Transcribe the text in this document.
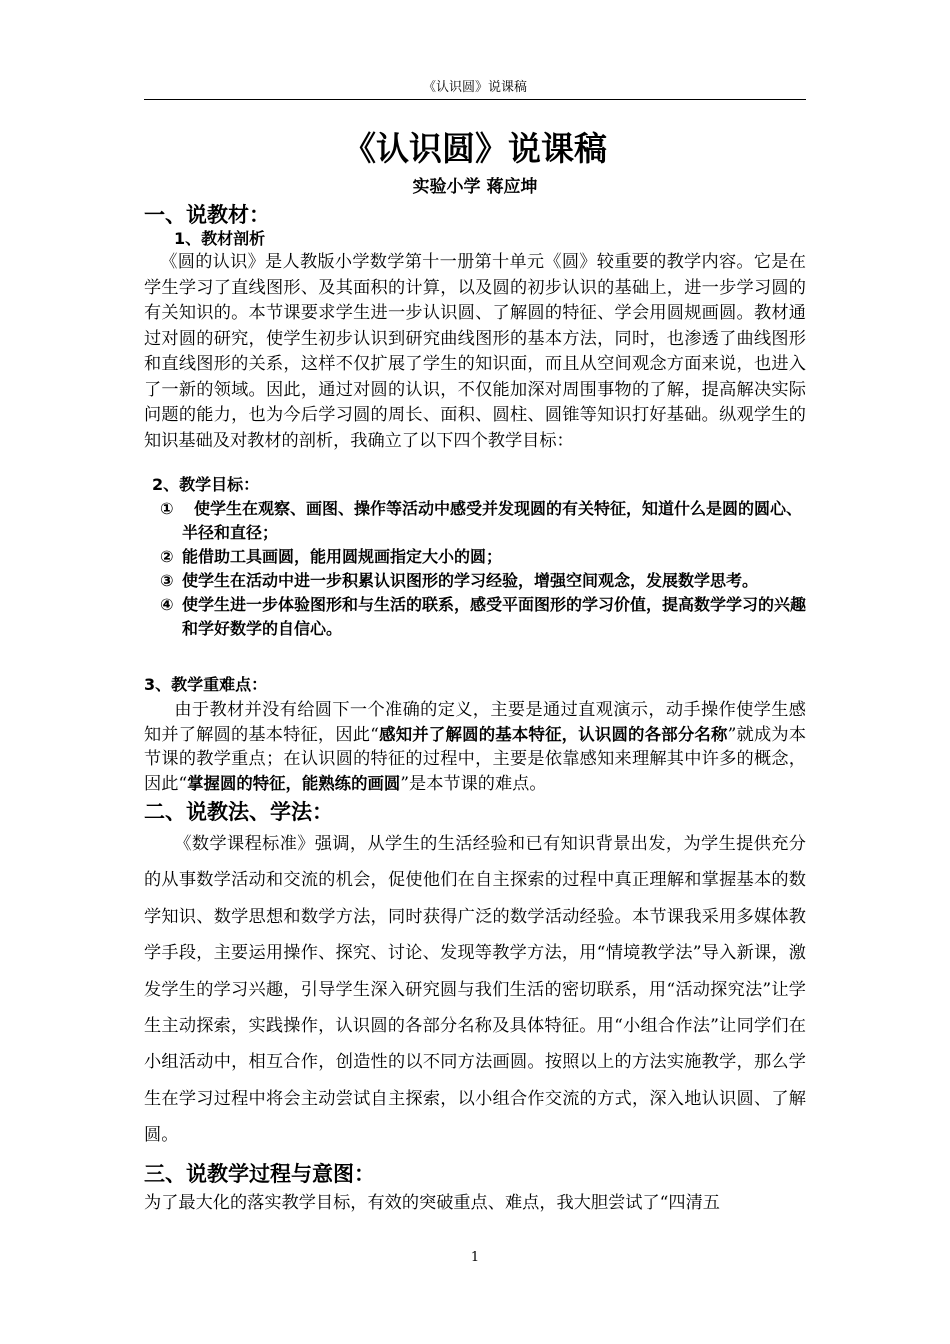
《认识圆》说课稿
《认识圆》说课稿
实验小学 蒋应坤
一、说教材：
1、教材剖析

《圆的认识》是人教版小学数学第十一册第十单元《圆》较重要的教学内容。它是在学生学习了直线图形、及其面积的计算，以及圆的初步认识的基础上，进一步学习圆的有关知识的。本节课要求学生进一步认识圆、了解圆的特征、学会用圆规画圆。教材通过对圆的研究，使学生初步认识到研究曲线图形的基本方法，同时，也渗透了曲线图形和直线图形的关系，这样不仅扩展了学生的知识面，而且从空间观念方面来说，也进入了一新的领域。因此，通过对圆的认识，不仅能加深对周围事物的了解，提高解决实际问题的能力，也为今后学习圆的周长、面积、圆柱、圆锥等知识打好基础。纵观学生的知识基础及对教材的剖析，我确立了以下四个教学目标：

2、教学目标：
① 使学生在观察、画图、操作等活动中感受并发现圆的有关特征，知道什么是圆的圆心、半径和直径；
② 能借助工具画圆，能用圆规画指定大小的圆；
③ 使学生在活动中进一步积累认识图形的学习经验，增强空间观念，发展数学思考。
④ 使学生进一步体验图形和与生活的联系，感受平面图形的学习价值，提高数学学习的兴趣和学好数学的自信心。
3、教学重难点：

由于教材并没有给圆下一个准确的定义，主要是通过直观演示，动手操作使学生感知并了解圆的基本特征，因此“感知并了解圆的基本特征，认识圆的各部分名称”就成为本节课的教学重点；在认识圆的特征的过程中，主要是依靠感知来理解其中许多的概念，因此“掌握圆的特征，能熟练的画圆”是本节课的难点。

二、说教法、学法：

《数学课程标准》强调，从学生的生活经验和已有知识背景出发，为学生提供充分的从事数学活动和交流的机会，促使他们在自主探索的过程中真正理解和掌握基本的数学知识、数学思想和数学方法，同时获得广泛的数学活动经验。本节课我采用多媒体教学手段，主要运用操作、探究、讨论、发现等教学方法，用“情境教学法”导入新课，激发学生的学习兴趣，引导学生深入研究圆与我们生活的密切联系，用“活动探究法”让学生主动探索，实践操作，认识圆的各部分名称及具体特征。用“小组合作法”让同学们在小组活动中，相互合作，创造性的以不同方法画圆。按照以上的方法实施教学，那么学生在学习过程中将会主动尝试自主探索，以小组合作交流的方式，深入地认识圆、了解圆。

三、说教学过程与意图：

为了最大化的落实教学目标，有效的突破重点、难点，我大胆尝试了“四清五

1
